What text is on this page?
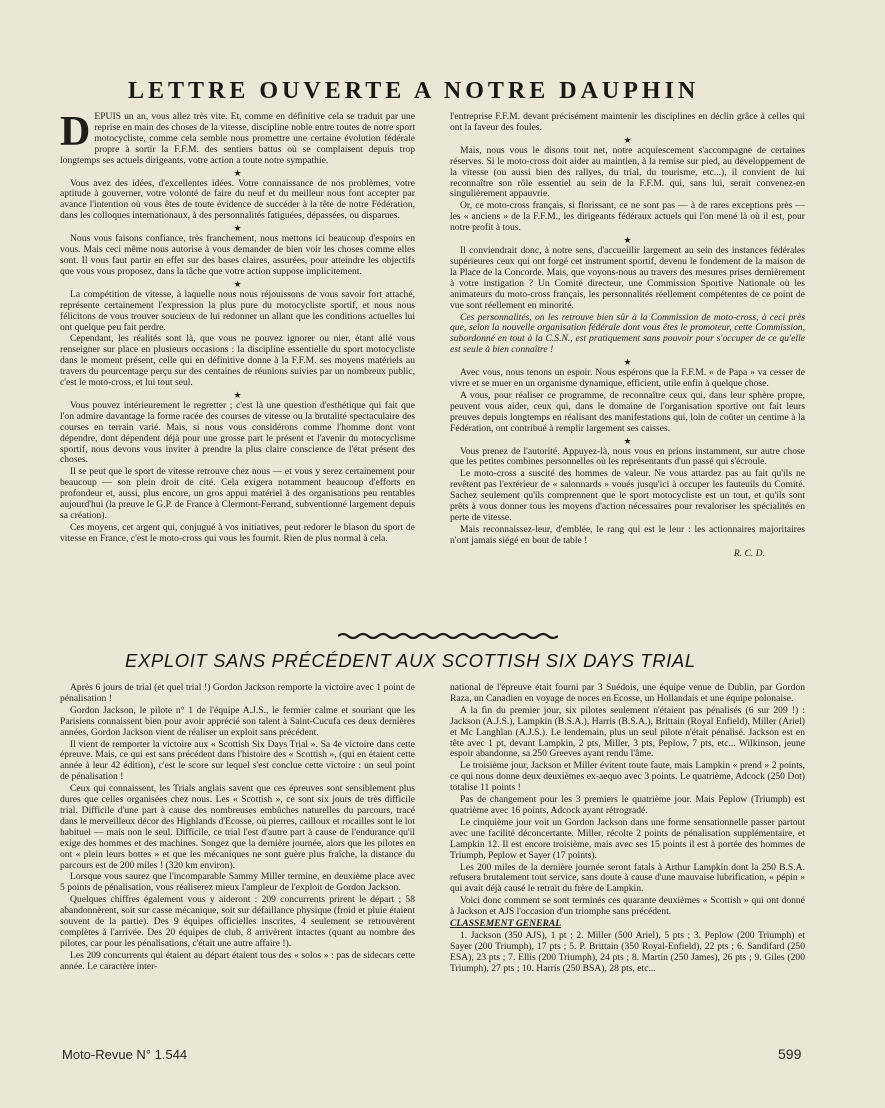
LETTRE OUVERTE A NOTRE DAUPHIN
D EPUIS un an, vous allez très vite. Et, comme en définitive cela se traduit par une reprise en main des choses de la vitesse, discipline noble entre toutes de notre sport motocycliste, comme cela semble nous promettre une certaine évolution fédérale propre à sortir la F.F.M. des sentiers battus où se complaisent depuis trop longtemps ses actuels dirigeants, votre action a toute notre sympathie.

★

Vous avez des idées, d'excellentes idées. Votre connaissance de nos problèmes, votre aptitude à gouverner, votre volonté de faire du neuf et du meilleur nous font accepter par avance l'intention où vous êtes de toute évidence de succéder à la tête de notre Fédération, dans les colloques internationaux, à des personnalités fatiguées, dépassées, ou disparues.

★

Nous vous faisons confiance, très franchement, nous mettons ici beaucoup d'espoirs en vous. Mais ceci même nous autorise à vous demander de bien voir les choses comme elles sont. Il vous faut partir en effet sur des bases claires, assurées, pour atteindre les objectifs que vous vous proposez, dans la tâche que votre action suppose implicitement.

★

La compétition de vitesse, à laquelle nous nous réjouissons de vous savoir fort attaché, représente certainement l'expression la plus pure du motocycliste sportif, et nous nous félicitons de vous trouver soucieux de lui redonner un allant que les conditions actuelles lui ont quelque peu fait perdre.

Cependant, les réalités sont là, que vous ne pouvez ignorer ou nier, étant allé vous renseigner sur place en plusieurs occasions : la discipline essentielle du sport motocycliste dans le moment présent, celle qui en définitive donne à la F.F.M. ses moyens matériels au travers du pourcentage perçu sur des centaines de réunions suivies par un nombreux public, c'est le moto-cross, et lui tout seul.

★

Vous pouvez intérieurement le regretter ; c'est là une question d'esthétique qui fait que l'on admire davantage la forme racée des courses de vitesse ou la brutalité spectaculaire des courses en terrain varié. Mais, si nous vous considérons comme l'homme dont vont dépendre, dont dépendent déjà pour une grosse part le présent et l'avenir du motocyclisme sportif, nous devons vous inviter à prendre la plus claire conscience de l'état présent des choses.

Il se peut que le sport de vitesse retrouve chez nous — et vous y serez certainement pour beaucoup — son plein droit de cité. Cela exigera notamment beaucoup d'efforts en profondeur et, aussi, plus encore, un gros appui matériel à des organisations peu rentables aujourd'hui (la preuve le G.P. de France à Clermont-Ferrand, subventionné largement depuis sa création).

Ces moyens, cet argent qui, conjugué à vos initiatives, peut redorer le blason du sport de vitesse en France, c'est le moto-cross qui vous les fournit. Rien de plus normal à cela.

l'entreprise F.F.M. devant précisément maintenir les disciplines en déclin grâce à celles qui ont la faveur des foules.

★

Mais, nous vous le disons tout net, notre acquiescement s'accompagne de certaines réserves. Si le moto-cross doit aider au maintien, à la remise sur pied, au développement de la vitesse (ou aussi bien des rallyes, du trial, du tourisme, etc...), il convient de lui reconnaître son rôle essentiel au sein de la F.F.M. qui, sans lui, serait convenez-en singulièrement appauvrie.

Or, ce moto-cross français, si florissant, ce ne sont pas — à de rares exceptions près — les « anciens » de la F.F.M., les dirigeants fédéraux actuels qui l'on mené là où il est, pour notre profit à tous.

★

Il conviendrait donc, à notre sens, d'accueillir largement au sein des instances fédérales supérieures ceux qui ont forgé cet instrument sportif, devenu le fondement de la maison de la Place de la Concorde. Mais, que voyons-nous au travers des mesures prises dernièrement à votre instigation ? Un Comité directeur, une Commission Sportive Nationale où les animateurs du moto-cross français, les personnalités réellement compétentes de ce point de vue sont réellement en minorité.

Ces personnalités, on les retrouve bien sûr à la Commission de moto-cross, à ceci près que, selon la nouvelle organisation fédérale dont vous êtes le promoteur, cette Commission, subordonné en tout à la C.S.N., est pratiquement sans pouvoir pour s'occuper de ce qu'elle est seule à bien connaître !

★

Avec vous, nous tenons un espoir. Nous espérons que la F.F.M. « de Papa » va cesser de vivre et se muer en un organisme dynamique, efficient, utile enfin à quelque chose.

A vous, pour réaliser ce programme, de reconnaître ceux qui, dans leur sphère propre, peuvent vous aider, ceux qui, dans le domaine de l'organisation sportive ont fait leurs preuves depuis longtemps en réalisant des manifestations qui, loin de coûter un centime à la Fédération, ont contribué à remplir largement ses caisses.

★

Vous prenez de l'autorité. Appuyez-là, nous vous en prions instamment, sur autre chose que les petites combines personnelles où les représentants d'un passé qui s'écroule.

Le moto-cross a suscité des hommes de valeur. Ne vous attardez pas au fait qu'ils ne revêtent pas l'extérieur de « salonnards » voués jusqu'ici à occuper les fauteuils du Comité. Sachez seulement qu'ils comprennent que le sport motocycliste est un tout, et qu'ils sont prêts à vous donner tous les moyens d'action nécessaires pour revaloriser les spécialités en perte de vitesse.

Mais reconnaissez-leur, d'emblée, le rang qui est le leur : les actionnaires majoritaires n'ont jamais siégé en bout de table !

R. C. D.
EXPLOIT SANS PRÉCÉDENT AUX SCOTTISH SIX DAYS TRIAL

Après 6 jours de trial (et quel trial !) Gordon Jackson remporte la victoire avec 1 point de pénalisation !

Gordon Jackson, le pilote n° 1 de l'équipe A.J.S., le fermier calme et souriant que les Parisiens connaissent bien pour avoir apprécié son talent à Saint-Cucufa ces deux dernières années, Gordon Jackson vient de réaliser un exploit sans précédent.

Il vient de remporter la victoire aux « Scottish Six Days Trial ». Sa 4e victoire dans cette épreuve. Mais, ce qui est sans précédent dans l'histoire des « Scottish », (qui en étaient cette année à leur 42 édition), c'est le score sur lequel s'est conclue cette victoire : un seul point de pénalisation !

Ceux qui connaissent, les Trials anglais savent que ces épreuves sont sensiblement plus dures que celles organisées chez nous. Les « Scottish », ce sont six jours de très difficile trial. Difficile d'une part à cause des nombreuses embûches naturelles du parcours, tracé dans le merveilleux décor des Highlands d'Ecosse, où pierres, cailloux et rocailles sont le lot habituel — mais non le seul. Difficile, ce trial l'est d'autre part à cause de l'endurance qu'il exige des hommes et des machines. Songez que la dernière journée, alors que les pilotes en ont « plein leurs bottes » et que les mécaniques ne sont guère plus fraîche, la distance du parcours est de 200 miles ! (320 km environ).

Lorsque vous saurez que l'incomparable Sammy Miller termine, en deuxième place avec 5 points de pénalisation, vous réaliserez mieux l'ampleur de l'exploit de Gordon Jackson.

Quelques chiffres également vous y aideront : 209 concurrents prirent le départ ; 58 abandonnèrent, soit sur casse mécanique, soit sur défaillance physique (froid et pluie étaient souvent de la partie). Des 9 équipes officielles inscrites, 4 seulement se retrouvèrent complètes à l'arrivée. Des 20 équipes de club, 8 arrivèrent intactes (quant au nombre des pilotes, car pour les pénalisations, c'était une autre affaire !).

Les 209 concurrents qui étaient au départ étaient tous des « solos » : pas de sidecars cette année. Le caractère inter-

national de l'épreuve était fourni par 3 Suédois, une équipe venue de Dublin, par Gordon Raza, un Canadien en voyage de noces en Ecosse, un Hollandais et une équipe polonaise.

A la fin du premier jour, six pilotes seulement n'étaient pas pénalisés (6 sur 209 !) : Jackson (A.J.S.), Lampkin (B.S.A.), Harris (B.S.A.), Brittain (Royal Enfield), Miller (Ariel) et Mc Langhlan (A.J.S.). Le lendemain, plus un seul pilote n'était pénalisé. Jackson est en tête avec 1 pt, devant Lampkin, 2 pts, Miller, 3 pts, Peplow, 7 pts, etc... Wilkinson, jeune espoir abandonne, sa 250 Greeves ayant rendu l'âme.

Le troisième jour, Jackson et Miller évitent toute faute, mais Lampkin « prend » 2 points, ce qui nous donne deux deuxièmes ex-aequo avec 3 points. Le quatrième, Adcock (250 Dot) totalise 11 points !

Pas de changement pour les 3 premiers le quatrième jour. Mais Peplow (Triumph) est quatrième avec 16 points, Adcock ayant rétrogradé.

Le cinquième jour voit un Gordon Jackson dans une forme sensationnelle passer partout avec une facilité déconcertante. Miller, récolte 2 points de pénalisation supplémentaire, et Lampkin 12. Il est encore troisième, mais avec ses 15 points il est à portée des hommes de Triumph, Peplow et Sayer (17 points).

Les 200 miles de la dernière journée seront fatals à Arthur Lampkin dont la 250 B.S.A. refusera brutalement tout service, sans doute à cause d'une mauvaise lubrification, « pépin » qui avait déjà causé le retrait du frère de Lampkin.

Voici donc comment se sont terminés ces quarante deuxièmes « Scottish » qui ont donné à Jackson et AJS l'occasion d'un triomphe sans précédent.

CLASSEMENT GENERAL

1. Jackson (350 AJS), 1 pt ; 2. Miller (500 Ariel), 5 pts ; 3. Peplow (200 Triumph) et Sayer (200 Triumph), 17 pts ; 5. P. Brittain (350 Royal-Enfield), 22 pts ; 6. Sandifard (250 ESA), 23 pts ; 7. Ellis (200 Triumph), 24 pts ; 8. Martin (250 James), 26 pts ; 9. Giles (200 Triumph), 27 pts ; 10. Harris (250 BSA), 28 pts, etc...

Moto-Revue N° 1.544	599
